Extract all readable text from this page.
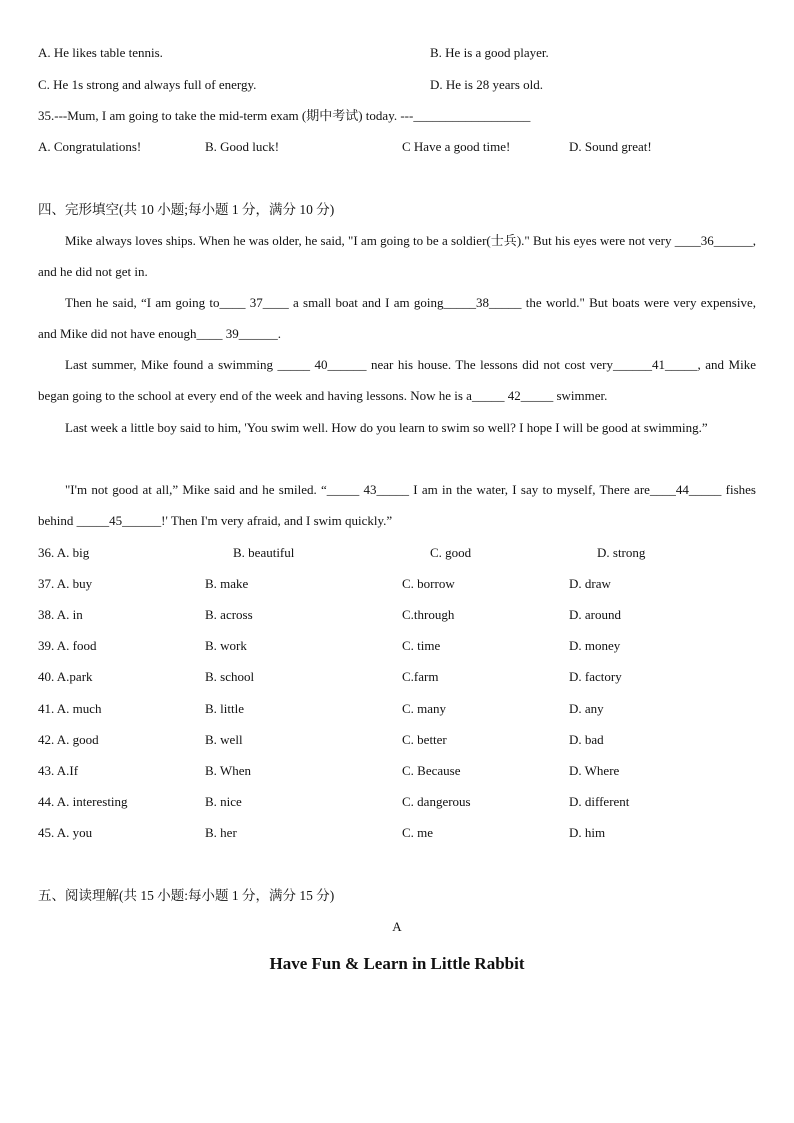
A. He likes table tennis.	B. He is a good player.
C. He 1s strong and always full of energy.	D. He is 28 years old.
35.---Mum, I am going to take the mid-term exam (期中考试) today. ---__________________
A. Congratulations!	B. Good luck!	C Have a good time!	D. Sound great!
四、完形填空(共 10 小题;每小题 1 分，满分 10 分)

Mike always loves ships. When he was older, he said, "I am going to be a soldier(士兵)." But his eyes were not very ____36______, and he did not get in.

Then he said, “I am going to____ 37____ a small boat and I am going_____38_____ the world." But boats were very expensive, and Mike did not have enough____ 39______.

Last summer, Mike found a swimming _____ 40______ near his house. The lessons did not cost very______41_____, and Mike began going to the school at every end of the week and having lessons. Now he is a_____ 42_____ swimmer.

Last week a little boy said to him, 'You swim well. How do you learn to swim so well? I hope I will be good at swimming.”

"I'm not good at all,” Mike said and he smiled. “_____ 43_____ I am in the water, I say to myself, There are____44_____ fishes behind _____45______!' Then I'm very afraid, and I swim quickly.”

36. A. big	B. beautiful	C. good	D. strong
37. A. buy	B. make	C. borrow	D. draw
38. A. in	B. across	C.through	D. around
39. A. food	B. work	C. time	D. money
40. A.park	B. school	C.farm	D. factory
41. A. much	B. little	C. many	D. any
42. A. good	B. well	C. better	D. bad
43. A.If	B. When	C. Because	D. Where
44. A. interesting	B. nice	C. dangerous	D. different
45. A. you	B. her	C. me	D. him
五、阅读理解(共 15 小题:每小题 1 分，满分 15 分)
A
Have Fun & Learn in Little Rabbit
